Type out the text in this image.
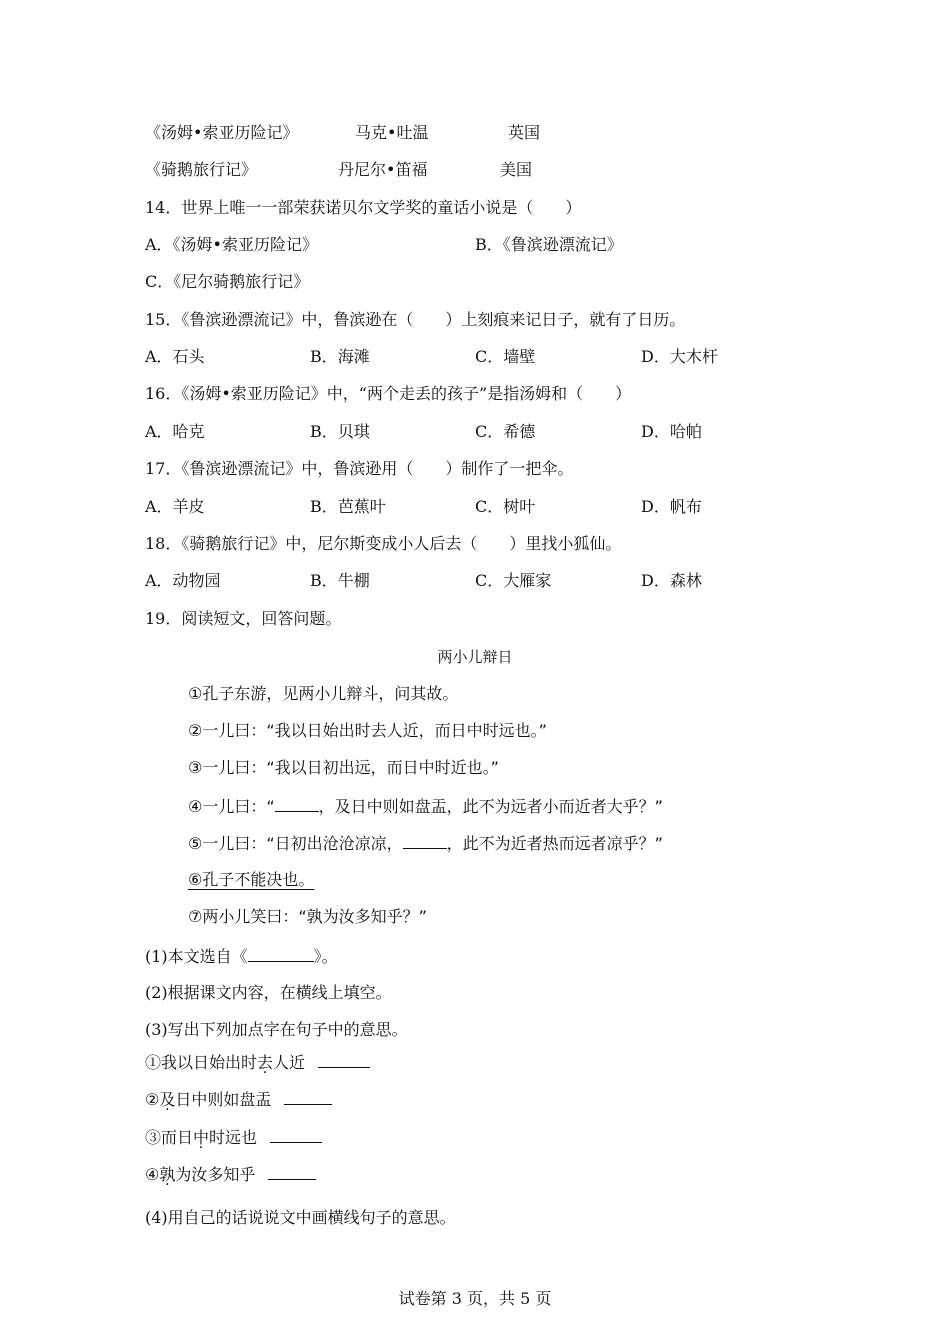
《汤姆•索亚历险记》	马克•吐温	英国
《骑鹅旅行记》	丹尼尔•笛福	美国
14．世界上唯一一部荣获诺贝尔文学奖的童话小说是（　　）
A．《汤姆•索亚历险记》	B．《鲁滨逊漂流记》
C．《尼尔骑鹅旅行记》
15．《鲁滨逊漂流记》中，鲁滨逊在（　　）上刻痕来记日子，就有了日历。
A．石头	B．海滩	C．墙壁	D．大木杆
16．《汤姆•索亚历险记》中，“两个走丢的孩子”是指汤姆和（　　）
A．哈克	B．贝琪	C．希德	D．哈帕
17．《鲁滨逊漂流记》中，鲁滨逊用（　　）制作了一把伞。
A．羊皮	B．芭蕉叶	C．树叶	D．帆布
18．《骑鹅旅行记》中，尼尔斯变成小人后去（　　）里找小狐仙。
A．动物园	B．牛棚	C．大雁家	D．森林
19．阅读短文，回答问题。
两小儿辩日
①孔子东游，见两小儿辩斗，问其故。
②一儿曰：“我以日始出时去人近，而日中时远也。”
③一儿曰：“我以日初出远，而日中时近也。”
④一儿曰：“	，及日中则如盘盂，此不为远者小而近者大乎？”
⑤一儿曰：“日初出沧沧凉凉，	，此不为近者热而远者凉乎？”
⑥孔子不能决也。
⑦两小儿笑曰：“孰为汝多知乎？”
(1)本文选自《	》。
(2)根据课文内容，在横线上填空。
(3)写出下列加点字在句子中的意思。
①我以日始出时去人近
②及日中则如盘盂
③而日中时远也
④孰为汝多知乎
(4)用自己的话说说文中画横线句子的意思。
试卷第 3 页，共 5 页
